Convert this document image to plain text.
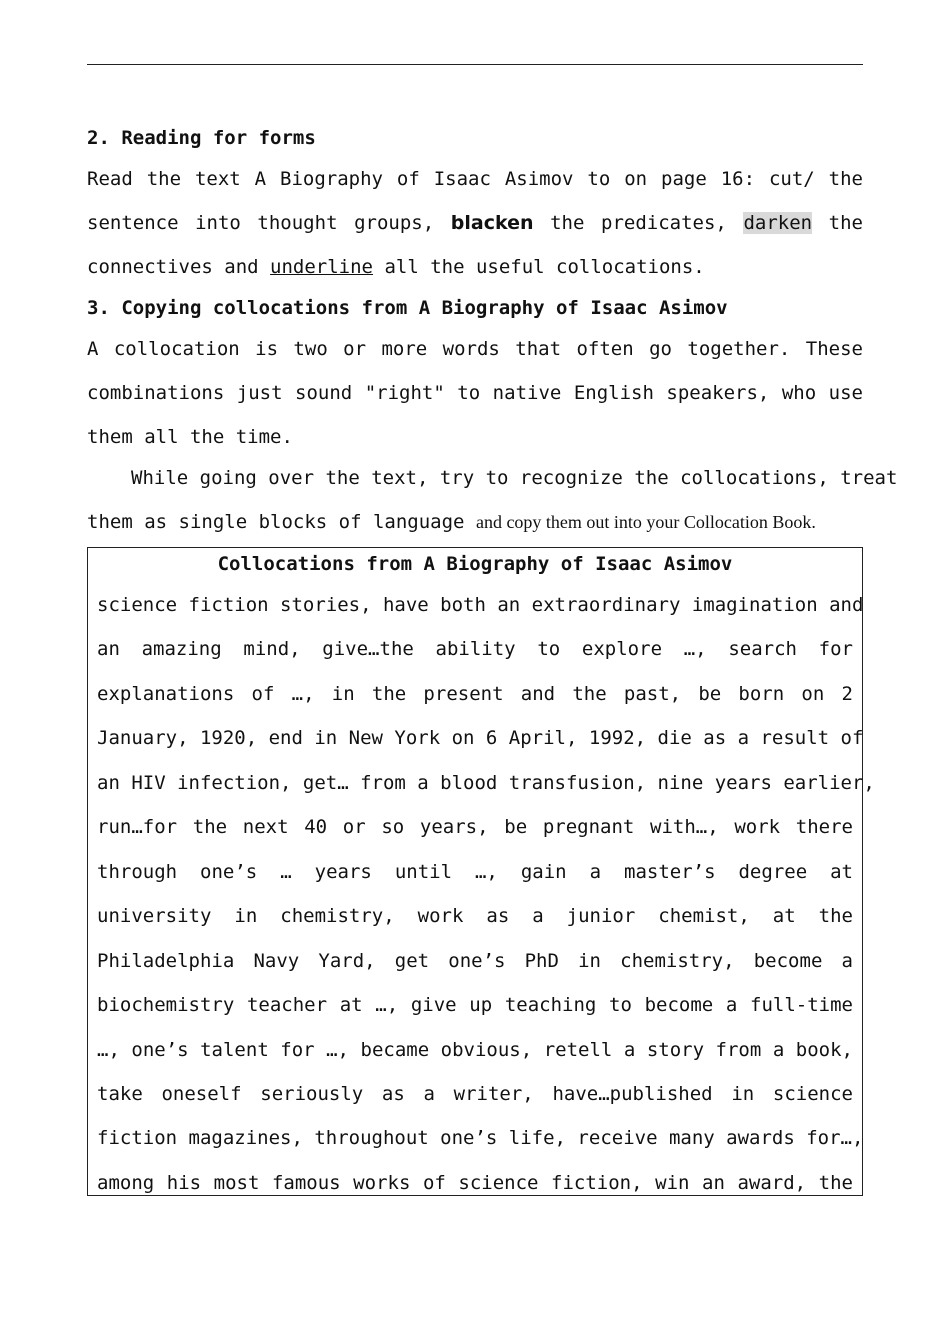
2. Reading for forms
Read the text A Biography of Isaac Asimov to on page 16: cut/ the
sentence into thought groups, blacken the predicates, darken the
connectives and underline all the useful collocations.
3. Copying collocations from A Biography of Isaac Asimov
A collocation is two or more words that often go together. These
combinations just sound "right" to native English speakers, who use
them all the time.
While going over the text, try to recognize the collocations, treat
them as single blocks of language and copy them out into your Collocation Book.
Collocations from A Biography of Isaac Asimov
science fiction stories, have both an extraordinary imagination and
an amazing mind, give…the ability to explore …, search for
explanations of …, in the present and the past, be born on 2
January, 1920, end in New York on 6 April, 1992, die as a result of
an HIV infection, get… from a blood transfusion, nine years earlier,
run…for the next 40 or so years, be pregnant with…, work there
through one’s … years until …, gain a master’s degree at
university in chemistry, work as a junior chemist, at the
Philadelphia Navy Yard, get one’s PhD in chemistry, become a
biochemistry teacher at …, give up teaching to become a full-time
…, one’s talent for …, became obvious, retell a story from a book,
take oneself seriously as a writer, have…published in science
fiction magazines, throughout one’s life, receive many awards for…,
among his most famous works of science fiction, win an award, the
